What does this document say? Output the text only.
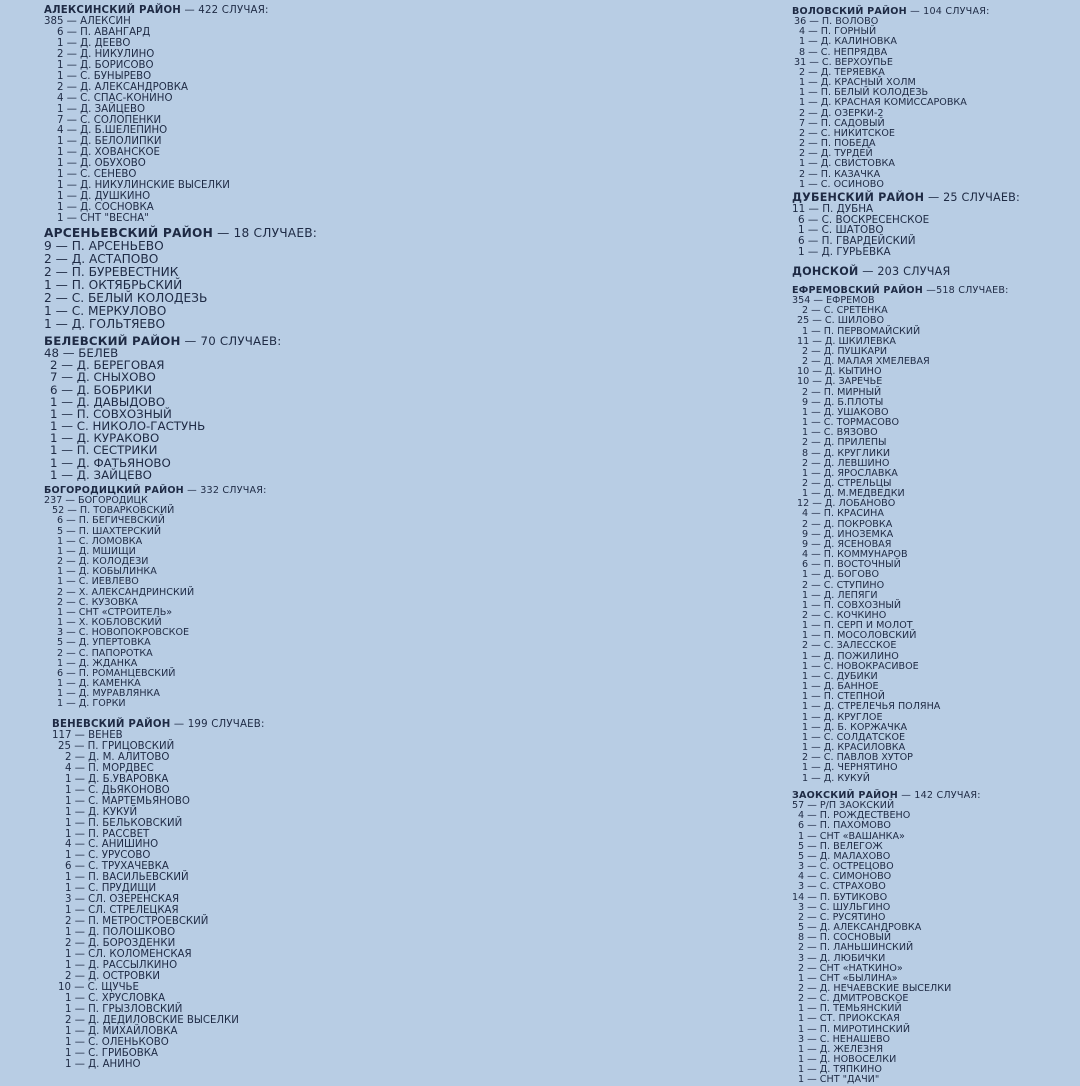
АЛЕКСИНСКИЙ РАЙОН — 422 СЛУЧАЯ:
385 — АЛЕКСИН
6 — П. АВАНГАРД
1 — Д. ДЕЕВО
2 — Д. НИКУЛИНО
1 — Д. БОРИСОВО
1 — С. БУНЫРЕВО
2 — Д. АЛЕКСАНДРОВКА
4 — С. СПАС-КОНИНО
1 — Д. ЗАЙЦЕВО
7 — С. СОЛОПЕНКИ
4 — Д. Б.ШЕЛЕПИНО
1 — Д. БЕЛОЛИПКИ
1 — Д. ХОВАНСКОЕ
1 — Д. ОБУХОВО
1 — С. СЕНЕВО
1 — Д. НИКУЛИНСКИЕ ВЫСЕЛКИ
1 — Д. ДУШКИНО
1 — Д. СОСНОВКА
1 — СНТ "ВЕСНА"
АРСЕНЬЕВСКИЙ РАЙОН — 18 СЛУЧАЕВ:
9 — П. АРСЕНЬЕВО
2 — Д. АСТАПОВО
2 — П. БУРЕВЕСТНИК
1 — П. ОКТЯБРЬСКИЙ
2 — С. БЕЛЫЙ КОЛОДЕЗЬ
1 — С. МЕРКУЛОВО
1 — Д. ГОЛЬТЯЕВО
БЕЛЕВСКИЙ РАЙОН — 70 СЛУЧАЕВ:
48 — БЕЛЕВ
2 — Д. БЕРЕГОВАЯ
7 — Д. СНЫХОВО
6 — Д. БОБРИКИ
1 — Д. ДАВЫДОВО
1 — П. СОВХОЗНЫЙ
1 — С. НИКОЛО-ГАСТУНЬ
1 — Д. КУРАКОВО
1 — П. СЕСТРИКИ
1 — Д. ФАТЬЯНОВО
1 — Д. ЗАЙЦЕВО
БОГОРОДИЦКИЙ РАЙОН — 332 СЛУЧАЯ:
237 — БОГОРОДИЦК
52 — П. ТОВАРКОВСКИЙ
6 — П. БЕГИЧЕВСКИЙ
5 — П. ШАХТЕРСКИЙ
1 — С. ЛОМОВКА
1 — Д. МШИЩИ
2 — Д. КОЛОДЕЗИ
1 — Д. КОБЫЛИНКА
1 — С. ИЕВЛЕВО
2 — Х. АЛЕКСАНДРИНСКИЙ
2 — С. КУЗОВКА
1 — СНТ «СТРОИТЕЛЬ»
1 — Х. КОБЛОВСКИЙ
3 — С. НОВОПОКРОВСКОЕ
5 — Д. УПЕРТОВКА
2 — С. ПАПОРОТКА
1 — Д. ЖДАНКА
6 — П. РОМАНЦЕВСКИЙ
1 — Д. КАМЕНКА
1 — Д. МУРАВЛЯНКА
1 — Д. ГОРКИ
ВЕНЕВСКИЙ РАЙОН — 199 СЛУЧАЕВ:
117 — ВЕНЕВ
25 — П. ГРИЦОВСКИЙ
2 — Д. М. АЛИТОВО
4 — П. МОРДВЕС
1 — Д. Б.УВАРОВКА
1 — С. ДЬЯКОНОВО
1 — С. МАРТЕМЬЯНОВО
1 — Д. КУКУЙ
1 — П. БЕЛЬКОВСКИЙ
1 — П. РАССВЕТ
4 — С. АНИШИНО
1 — С. УРУСОВО
6 — С. ТРУХАЧЕВКА
1 — П. ВАСИЛЬЕВСКИЙ
1 — С. ПРУДИЩИ
3 — СЛ. ОЗЕРЕНСКАЯ
1 — СЛ. СТРЕЛЕЦКАЯ
2 — П. МЕТРОСТРОЕВСКИЙ
1 — Д. ПОЛОШКОВО
2 — Д. БОРОЗДЕНКИ
1 — СЛ. КОЛОМЕНСКАЯ
1 — Д. РАССЫЛКИНО
2 — Д. ОСТРОВКИ
10 — С. ЩУЧЬЕ
1 — С. ХРУСЛОВКА
1 — П. ГРЫЗЛОВСКИЙ
2 — Д. ДЕДИЛОВСКИЕ ВЫСЕЛКИ
1 — Д. МИХАЙЛОВКА
1 — С. ОЛЕНЬКОВО
1 — С. ГРИБОВКА
1 — Д. АНИНО
ВОЛОВСКИЙ РАЙОН — 104 СЛУЧАЯ:
36 — П. ВОЛОВО
4 — П. ГОРНЫЙ
1 — Д. КАЛИНОВКА
8 — С. НЕПРЯДВА
31 — С. ВЕРХОУПЬЕ
2 — Д. ТЕРЯЕВКА
1 — Д. КРАСНЫЙ ХОЛМ
1 — П. БЕЛЫЙ КОЛОДЕЗЬ
1 — Д. КРАСНАЯ КОМИССАРОВКА
2 — Д. ОЗЕРКИ-2
7 — П. САДОВЫЙ
2 — С. НИКИТСКОЕ
2 — П. ПОБЕДА
2 — Д. ТУРДЕЙ
1 — Д. СВИСТОВКА
2 — П. КАЗАЧКА
1 — С. ОСИНОВО
ДУБЕНСКИЙ РАЙОН — 25 СЛУЧАЕВ:
11 — П. ДУБНА
6 — С. ВОСКРЕСЕНСКОЕ
1 — С. ШАТОВО
6 — П. ГВАРДЕЙСКИЙ
1 — Д. ГУРЬЕВКА
ДОНСКОЙ — 203 СЛУЧАЯ
ЕФРЕМОВСКИЙ РАЙОН —518 СЛУЧАЕВ:
354 — ЕФРЕМОВ
2 — С. СРЕТЕНКА
25 — С. ШИЛОВО
1 — П. ПЕРВОМАЙСКИЙ
11 — Д. ШКИЛЕВКА
2 — Д. ПУШКАРИ
2 — Д. МАЛАЯ ХМЕЛЕВАЯ
10 — Д. КЫТИНО
10 — Д. ЗАРЕЧЬЕ
2 — П. МИРНЫЙ
9 — Д. Б.ПЛОТЫ
1 — Д. УШАКОВО
1 — С. ТОРМАСОВО
1 — С. ВЯЗОВО
2 — Д. ПРИЛЕПЫ
8 — Д. КРУГЛИКИ
2 — Д. ЛЕВШИНО
1 — Д. ЯРОСЛАВКА
2 — Д. СТРЕЛЬЦЫ
1 — Д. М.МЕДВЕДКИ
12 — Д. ЛОБАНОВО
4 — П. КРАСИНА
2 — Д. ПОКРОВКА
9 — Д. ИНОЗЕМКА
9 — Д. ЯСЕНОВАЯ
4 — П. КОММУНАРОВ
6 — П. ВОСТОЧНЫЙ
1 — Д. БОГОВО
2 — С. СТУПИНО
1 — Д. ЛЕПЯГИ
1 — П. СОВХОЗНЫЙ
2 — С. КОЧКИНО
1 — П. СЕРП И МОЛОТ
1 — П. МОСОЛОВСКИЙ
2 — С. ЗАЛЕССКОЕ
1 — Д. ПОЖИЛИНО
1 — С. НОВОКРАСИВОЕ
1 — С. ДУБИКИ
1 — Д. БАННОЕ
1 — П. СТЕПНОЙ
1 — Д. СТРЕЛЕЧЬЯ ПОЛЯНА
1 — Д. КРУГЛОЕ
1 — Д. Б. КОРЖАЧКА
1 — С. СОЛДАТСКОЕ
1 — Д. КРАСИЛОВКА
2 — С. ПАВЛОВ ХУТОР
1 — Д. ЧЕРНЯТИНО
1 — Д. КУКУЙ
ЗАОКСКИЙ РАЙОН — 142 СЛУЧАЯ:
57 — Р/П ЗАОКСКИЙ
4 — П. РОЖДЕСТВЕНО
6 — П. ПАХОМОВО
1 — СНТ «ВАШАНКА»
5 — П. ВЕЛЕГОЖ
5 — Д. МАЛАХОВО
3 — С. ОСТРЕЦОВО
4 — С. СИМОНОВО
3 — С. СТРАХОВО
14 — П. БУТИКОВО
3 — С. ШУЛЬГИНО
2 — С. РУСЯТИНО
5 — Д. АЛЕКСАНДРОВКА
8 — П. СОСНОВЫЙ
2 — П. ЛАНЬШИНСКИЙ
3 — Д. ЛЮБИЧКИ
2 — СНТ «НАТКИНО»
1 — СНТ «БЫЛИНА»
2 — Д. НЕЧАЕВСКИЕ ВЫСЕЛКИ
2 — С. ДМИТРОВСКОЕ
1 — П. ТЕМЬЯНСКИЙ
1 — СТ. ПРИОКСКАЯ
1 — П. МИРОТИНСКИЙ
3 — С. НЕНАШЕВО
1 — Д. ЖЕЛЕЗНЯ
1 — Д. НОВОСЕЛКИ
1 — Д. ТЯПКИНО
1 — СНТ "ДАЧИ"
